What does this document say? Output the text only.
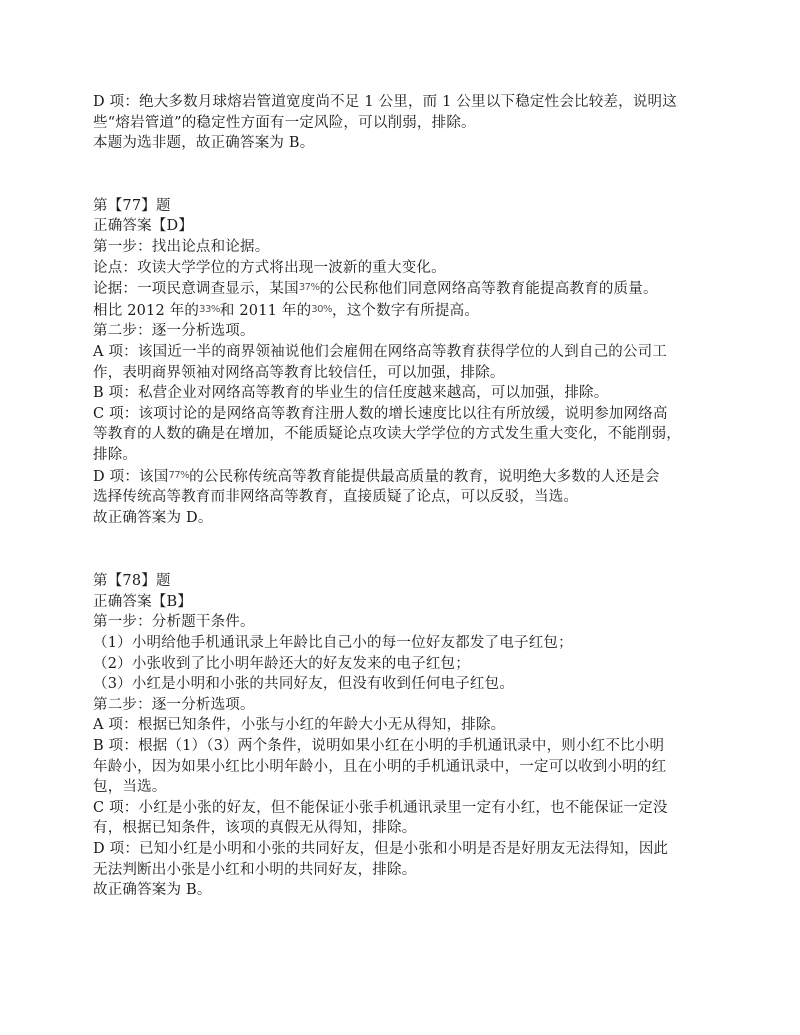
D 项：绝大多数月球熔岩管道宽度尚不足 1 公里，而 1 公里以下稳定性会比较差，说明这
些“熔岩管道”的稳定性方面有一定风险，可以削弱，排除。
本题为选非题，故正确答案为 B。
第【77】题
正确答案【D】
第一步：找出论点和论据。
论点：攻读大学学位的方式将出现一波新的重大变化。
论据：一项民意调查显示，某国$^{37\%}$的公民称他们同意网络高等教育能提高教育的质量。
相比 2012 年的$^{33\%}$和 2011 年的$^{30\%}$，这个数字有所提高。
第二步：逐一分析选项。
A 项：该国近一半的商界领袖说他们会雇佣在网络高等教育获得学位的人到自己的公司工
作，表明商界领袖对网络高等教育比较信任，可以加强，排除。
B 项：私营企业对网络高等教育的毕业生的信任度越来越高，可以加强，排除。
C 项：该项讨论的是网络高等教育注册人数的增长速度比以往有所放缓，说明参加网络高
等教育的人数的确是在增加，不能质疑论点攻读大学学位的方式发生重大变化，不能削弱，
排除。
D 项：该国$^{77\%}$的公民称传统高等教育能提供最高质量的教育，说明绝大多数的人还是会
选择传统高等教育而非网络高等教育，直接质疑了论点，可以反驳，当选。
故正确答案为 D。
第【78】题
正确答案【B】
第一步：分析题干条件。
（1）小明给他手机通讯录上年龄比自己小的每一位好友都发了电子红包；
（2）小张收到了比小明年龄还大的好友发来的电子红包；
（3）小红是小明和小张的共同好友，但没有收到任何电子红包。
第二步：逐一分析选项。
A 项：根据已知条件，小张与小红的年龄大小无从得知，排除。
B 项：根据（1）（3）两个条件，说明如果小红在小明的手机通讯录中，则小红不比小明
年龄小，因为如果小红比小明年龄小，且在小明的手机通讯录中，一定可以收到小明的红
包，当选。
C 项：小红是小张的好友，但不能保证小张手机通讯录里一定有小红，也不能保证一定没
有，根据已知条件，该项的真假无从得知，排除。
D 项：已知小红是小明和小张的共同好友，但是小张和小明是否是好朋友无法得知，因此
无法判断出小张是小红和小明的共同好友，排除。
故正确答案为 B。
